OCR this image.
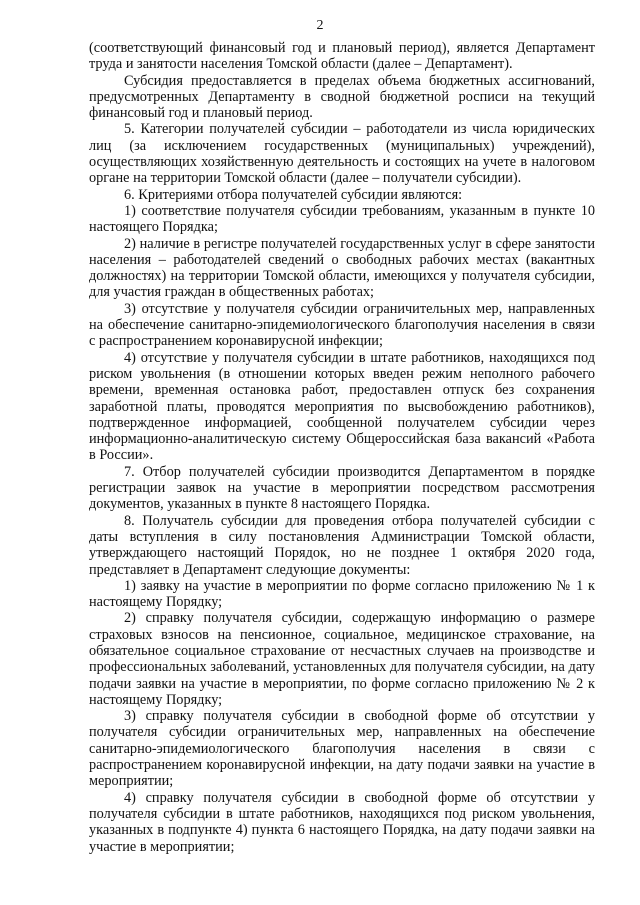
2

(соответствующий финансовый год и плановый период), является Департамент труда и занятости населения Томской области (далее – Департамент).

Субсидия предоставляется в пределах объема бюджетных ассигнований, предусмотренных Департаменту в сводной бюджетной росписи на текущий финансовый год и плановый период.

5. Категории получателей субсидии – работодатели из числа юридических лиц (за исключением государственных (муниципальных) учреждений), осуществляющих хозяйственную деятельность и состоящих на учете в налоговом органе на территории Томской области (далее – получатели субсидии).

6. Критериями отбора получателей субсидии являются:

1) соответствие получателя субсидии требованиям, указанным в пункте 10 настоящего Порядка;

2) наличие в регистре получателей государственных услуг в сфере занятости населения – работодателей сведений о свободных рабочих местах (вакантных должностях) на территории Томской области, имеющихся у получателя субсидии, для участия граждан в общественных работах;

3) отсутствие у получателя субсидии ограничительных мер, направленных на обеспечение санитарно-эпидемиологического благополучия населения в связи с распространением коронавирусной инфекции;

4) отсутствие у получателя субсидии в штате работников, находящихся под риском увольнения (в отношении которых введен режим неполного рабочего времени, временная остановка работ, предоставлен отпуск без сохранения заработной платы, проводятся мероприятия по высвобождению работников), подтвержденное информацией, сообщенной получателем субсидии через информационно-аналитическую систему Общероссийская база вакансий «Работа в России».

7. Отбор получателей субсидии производится Департаментом в порядке регистрации заявок на участие в мероприятии посредством рассмотрения документов, указанных в пункте 8 настоящего Порядка.

8. Получатель субсидии для проведения отбора получателей субсидии с даты вступления в силу постановления Администрации Томской области, утверждающего настоящий Порядок, но не позднее 1 октября 2020 года, представляет в Департамент следующие документы:

1) заявку на участие в мероприятии по форме согласно приложению № 1 к настоящему Порядку;

2) справку получателя субсидии, содержащую информацию о размере страховых взносов на пенсионное, социальное, медицинское страхование, на обязательное социальное страхование от несчастных случаев на производстве и профессиональных заболеваний, установленных для получателя субсидии, на дату подачи заявки на участие в мероприятии, по форме согласно приложению № 2 к настоящему Порядку;

3) справку получателя субсидии в свободной форме об отсутствии у получателя субсидии ограничительных мер, направленных на обеспечение санитарно-эпидемиологического благополучия населения в связи с распространением коронавирусной инфекции, на дату подачи заявки на участие в мероприятии;

4) справку получателя субсидии в свободной форме об отсутствии у получателя субсидии в штате работников, находящихся под риском увольнения, указанных в подпункте 4) пункта 6 настоящего Порядка, на дату подачи заявки на участие в мероприятии;
